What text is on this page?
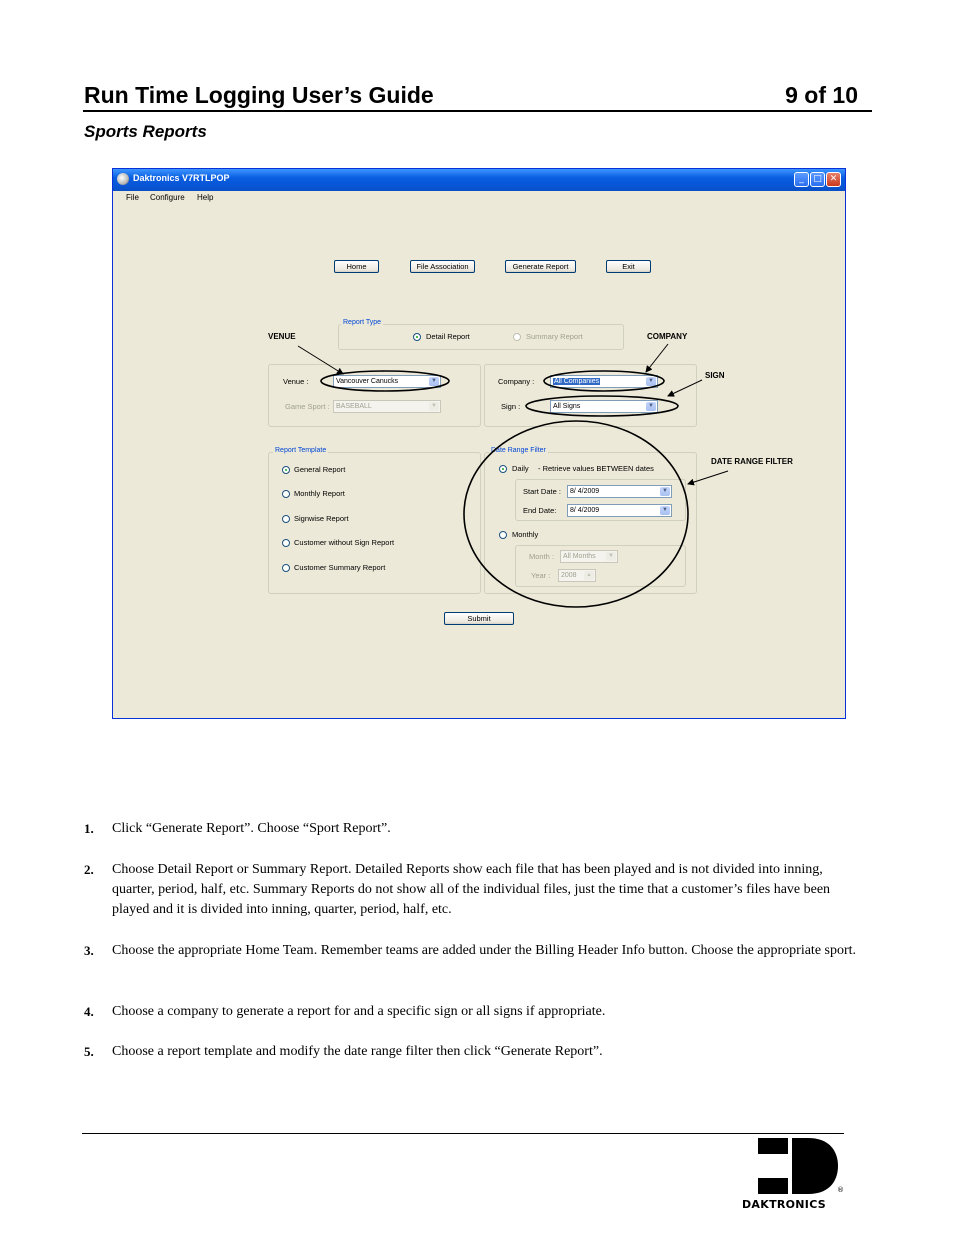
Run Time Logging User’s Guide	9 of 10
Sports Reports
Daktronics V7RTLPOP	_	□ ✕
File Configure Help
Home	File Association	Generate Report	Exit
Report Type
Detail Report	Summary Report
Venue :	Vancouver Canucks	▼
Game Sport : BASEBALL	▼
Company :	All Companies	▼
Sign :	All Signs	▼
Report Template
General Report
Monthly Report
Signwise Report
Customer without Sign Report
Customer Summary Report
Date Range Filter
Daily - Retrieve values BETWEEN dates
Start Date :	8/ 4/2009	▼
End Date:	8/ 4/2009	▼
Monthly
Month :	All Months	▼
Year :	2008	▲
Submit
VENUE	COMPANY
SIGN
DATE RANGE FILTER
1. Click “Generate Report”. Choose “Sport Report”.
2. Choose Detail Report or Summary Report. Detailed Reports show each file that has been played and is not divided into inning, quarter, period, half, etc. Summary Reports do not show all of the individual files, just the time that a customer’s files have been played and it is divided into inning, quarter, period, half, etc.
3. Choose the appropriate Home Team. Remember teams are added under the Billing Header Info button. Choose the appropriate sport.
4. Choose a company to generate a report for and a specific sign or all signs if appropriate.
5. Choose a report template and modify the date range filter then click “Generate Report”.
®
DAKTRONICS
